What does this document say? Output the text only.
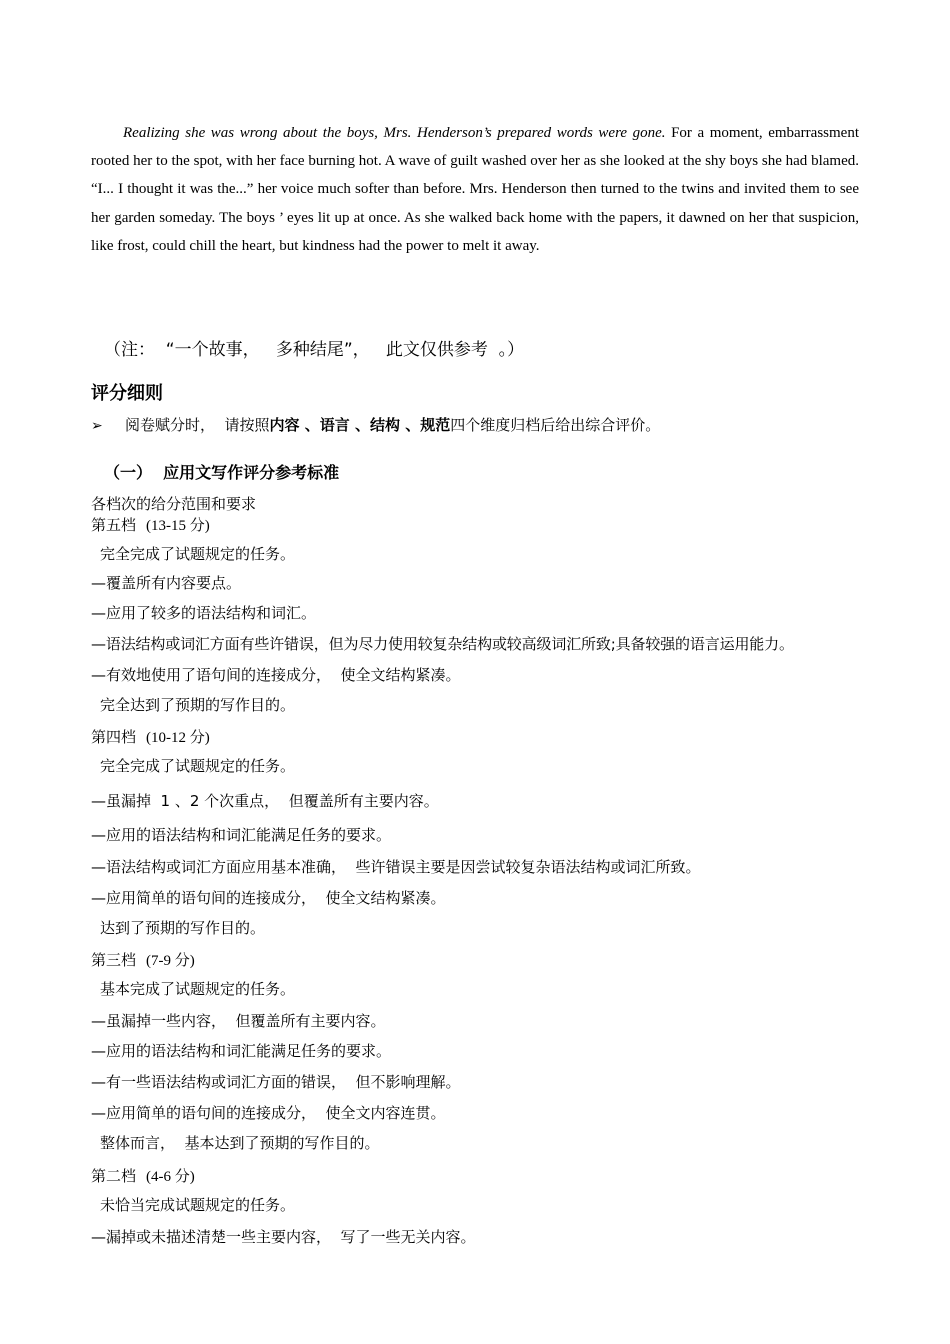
Realizing she was wrong about the boys, Mrs. Henderson’s prepared words were gone. For a moment, embarrassment rooted her to the spot, with her face burning hot. A wave of guilt washed over her as she looked at the shy boys she had blamed. “I... I thought it was the...” her voice much softer than before. Mrs. Henderson then turned to the twins and invited them to see her garden someday. The boys ’ eyes lit up at once. As she walked back home with the papers, it dawned on her that suspicion, like frost, could chill the heart, but kindness had the power to melt it away.

（注：  “一个故事，   多种结尾”，   此文仅供参考  。）
评分细则
➢ 阅卷赋分时，  请按照内容 、语言 、结构 、规范四个维度归档后给出综合评价。
（一）  应用文写作评分参考标准
各档次的给分范围和要求
第五档 (13-15 分)
完全完成了试题规定的任务。
—覆盖所有内容要点。
—应用了较多的语法结构和词汇。
—语法结构或词汇方面有些许错误，但为尽力使用较复杂结构或较高级词汇所致;具备较强的语言运用能力。
—有效地使用了语句间的连接成分，  使全文结构紧凑。
完全达到了预期的写作目的。
第四档 (10-12 分)
完全完成了试题规定的任务。
—虽漏掉  1 、2 个次重点，  但覆盖所有主要内容。
—应用的语法结构和词汇能满足任务的要求。
—语法结构或词汇方面应用基本准确，  些许错误主要是因尝试较复杂语法结构或词汇所致。
—应用简单的语句间的连接成分，  使全文结构紧凑。
达到了预期的写作目的。
第三档 (7-9 分)
基本完成了试题规定的任务。
—虽漏掉一些内容，  但覆盖所有主要内容。
—应用的语法结构和词汇能满足任务的要求。
—有一些语法结构或词汇方面的错误，  但不影响理解。
—应用简单的语句间的连接成分，  使全文内容连贯。
整体而言，  基本达到了预期的写作目的。
第二档 (4-6 分)
未恰当完成试题规定的任务。
—漏掉或未描述清楚一些主要内容，  写了一些无关内容。
